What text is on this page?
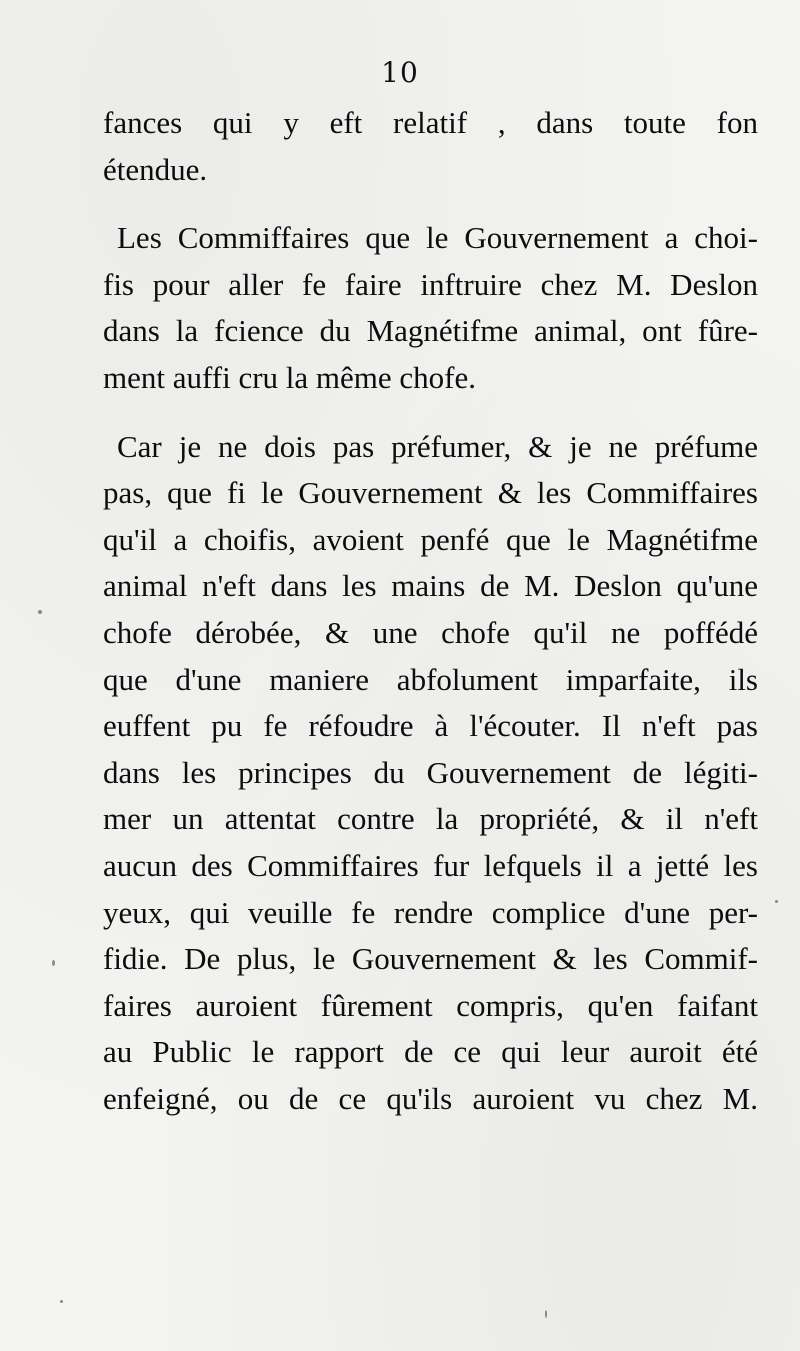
10
fances qui y eft relatif , dans toute fon
étendue.
Les Commiffaires que le Gouvernement a choi-
fis pour aller fe faire inftruire chez M. Deslon
dans la fcience du Magnétifme animal, ont fûre-
ment auffi cru la même chofe.
Car je ne dois pas préfumer, & je ne préfume
pas, que fi le Gouvernement & les Commiffaires
qu'il a choifis, avoient penfé que le Magnétifme
animal n'eft dans les mains de M. Deslon qu'une
chofe dérobée, & une chofe qu'il ne poffédé
que d'une maniere abfolument imparfaite, ils
euffent pu fe réfoudre à l'écouter. Il n'eft pas
dans les principes du Gouvernement de légiti-
mer un attentat contre la propriété, & il n'eft
aucun des Commiffaires fur lefquels il a jetté les
yeux, qui veuille fe rendre complice d'une per-
fidie. De plus, le Gouvernement & les Commif-
faires auroient fûrement compris, qu'en faifant
au Public le rapport de ce qui leur auroit été
enfeigné, ou de ce qu'ils auroient vu chez M.
